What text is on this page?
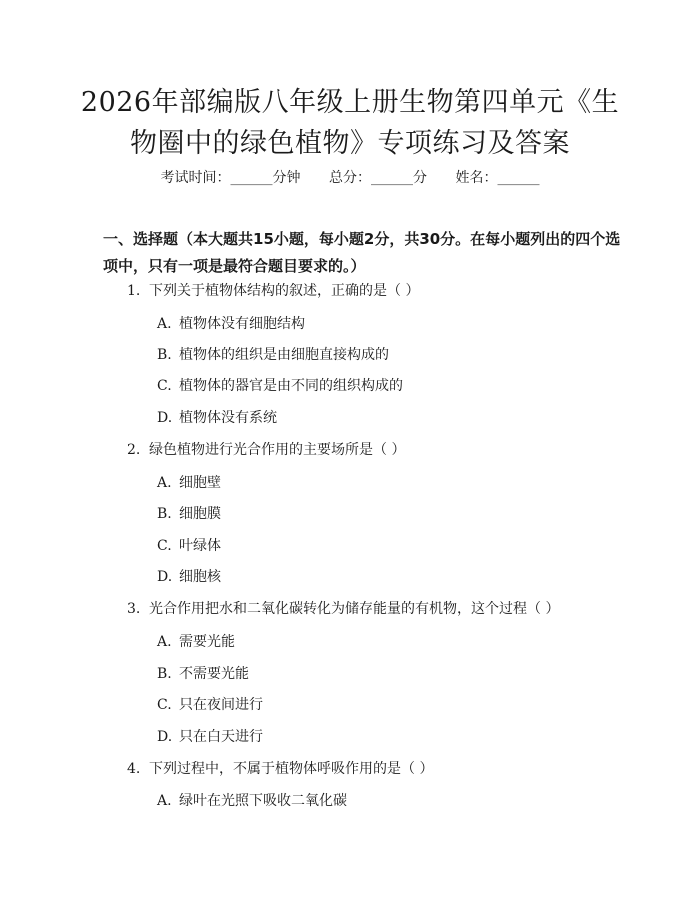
2026年部编版八年级上册生物第四单元《生
物圈中的绿色植物》专项练习及答案
考试时间：______分钟 总分：______分 姓名：______
一、选择题（本大题共15小题，每小题2分，共30分。在每小题列出的四个选项中，只有一项是最符合题目要求的。）
1. 下列关于植物体结构的叙述，正确的是（ ）
A. 植物体没有细胞结构
B. 植物体的组织是由细胞直接构成的
C. 植物体的器官是由不同的组织构成的
D. 植物体没有系统
2. 绿色植物进行光合作用的主要场所是（ ）
A. 细胞壁
B. 细胞膜
C. 叶绿体
D. 细胞核
3. 光合作用把水和二氧化碳转化为储存能量的有机物，这个过程（ ）
A. 需要光能
B. 不需要光能
C. 只在夜间进行
D. 只在白天进行
4. 下列过程中，不属于植物体呼吸作用的是（ ）
A. 绿叶在光照下吸收二氧化碳
